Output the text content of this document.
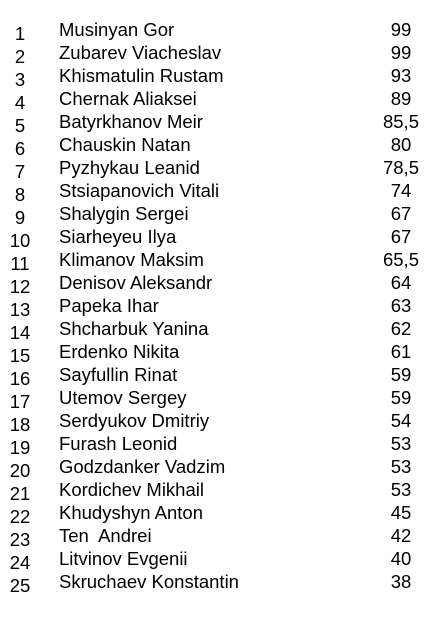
1	Musinyan Gor	99
2	Zubarev Viacheslav	99
3	Khismatulin Rustam	93
4	Chernak Aliaksei	89
5	Batyrkhanov Meir	85,5
6	Chauskin Natan	80
7	Pyzhykau Leanid	78,5
8	Stsiapanovich Vitali	74
9	Shalygin Sergei	67
10	Siarheyeu Ilya	67
11	Klimanov Maksim	65,5
12	Denisov Aleksandr	64
13	Papeka Ihar	63
14	Shcharbuk Yanina	62
15	Erdenko Nikita	61
16	Sayfullin Rinat	59
17	Utemov Sergey	59
18	Serdyukov Dmitriy	54
19	Furash Leonid	53
20	Godzdanker Vadzim	53
21	Kordichev Mikhail	53
22	Khudyshyn Anton	45
23	Ten  Andrei	42
24	Litvinov Evgenii	40
25	Skruchaev Konstantin	38
